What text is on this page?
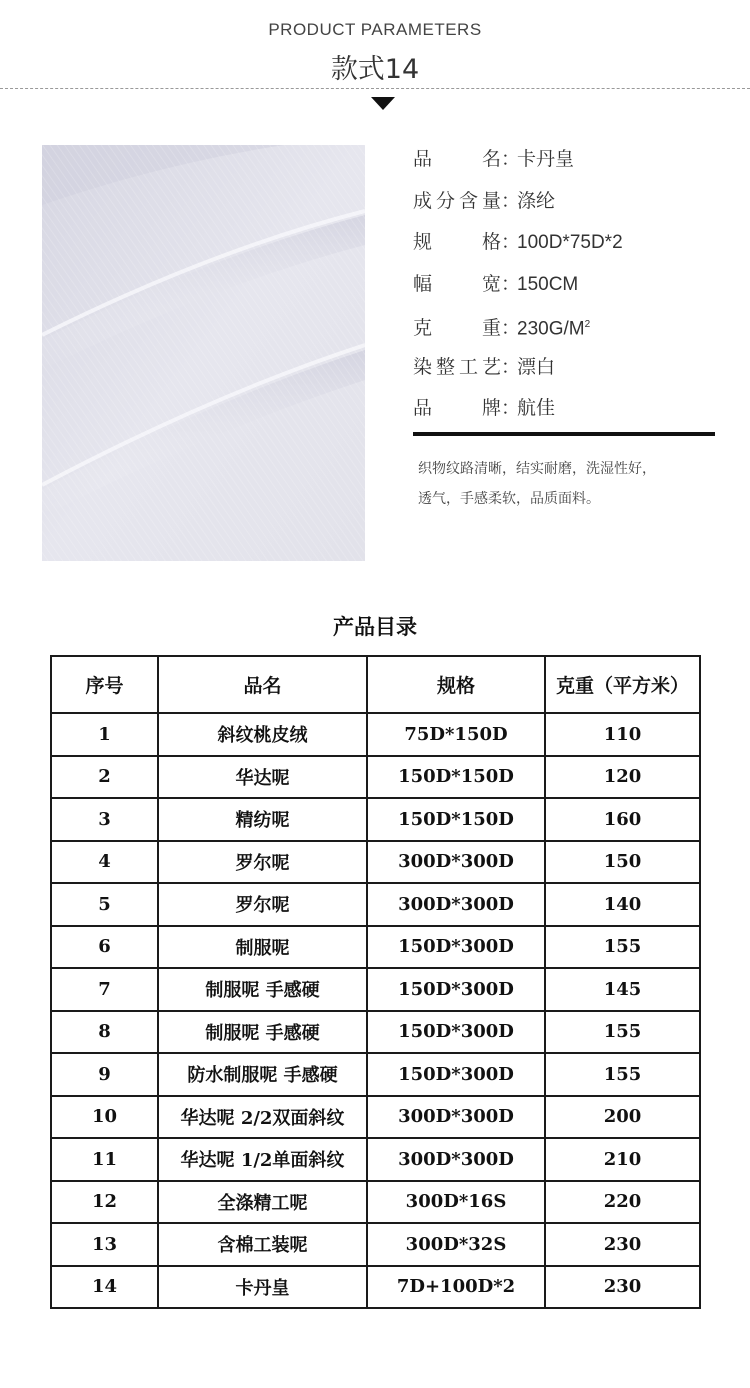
PRODUCT PARAMETERS
款式14
品名：卡丹皇
成分含量：涤纶
规格：100D*75D*2
幅宽：150CM
克重：$230G/M^2$
染整工艺：漂白
品牌：航佳
织物纹路清晰，结实耐磨，洗湿性好，
透气，手感柔软，品质面料。
产品目录
序号	品名	规格	克重（平方米）
1	斜纹桃皮绒	75D*150D	110
2	华达呢	150D*150D	120
3	精纺呢	150D*150D	160
4	罗尔呢	300D*300D	150
5	罗尔呢	300D*300D	140
6	制服呢	150D*300D	155
7	制服呢 手感硬	150D*300D	145
8	制服呢 手感硬	150D*300D	155
9	防水制服呢 手感硬	150D*300D	155
10	华达呢 2/2双面斜纹	300D*300D	200
11	华达呢 1/2单面斜纹	300D*300D	210
12	全涤精工呢	300D*16S	220
13	含棉工装呢	300D*32S	230
14	卡丹皇	7D+100D*2	230
